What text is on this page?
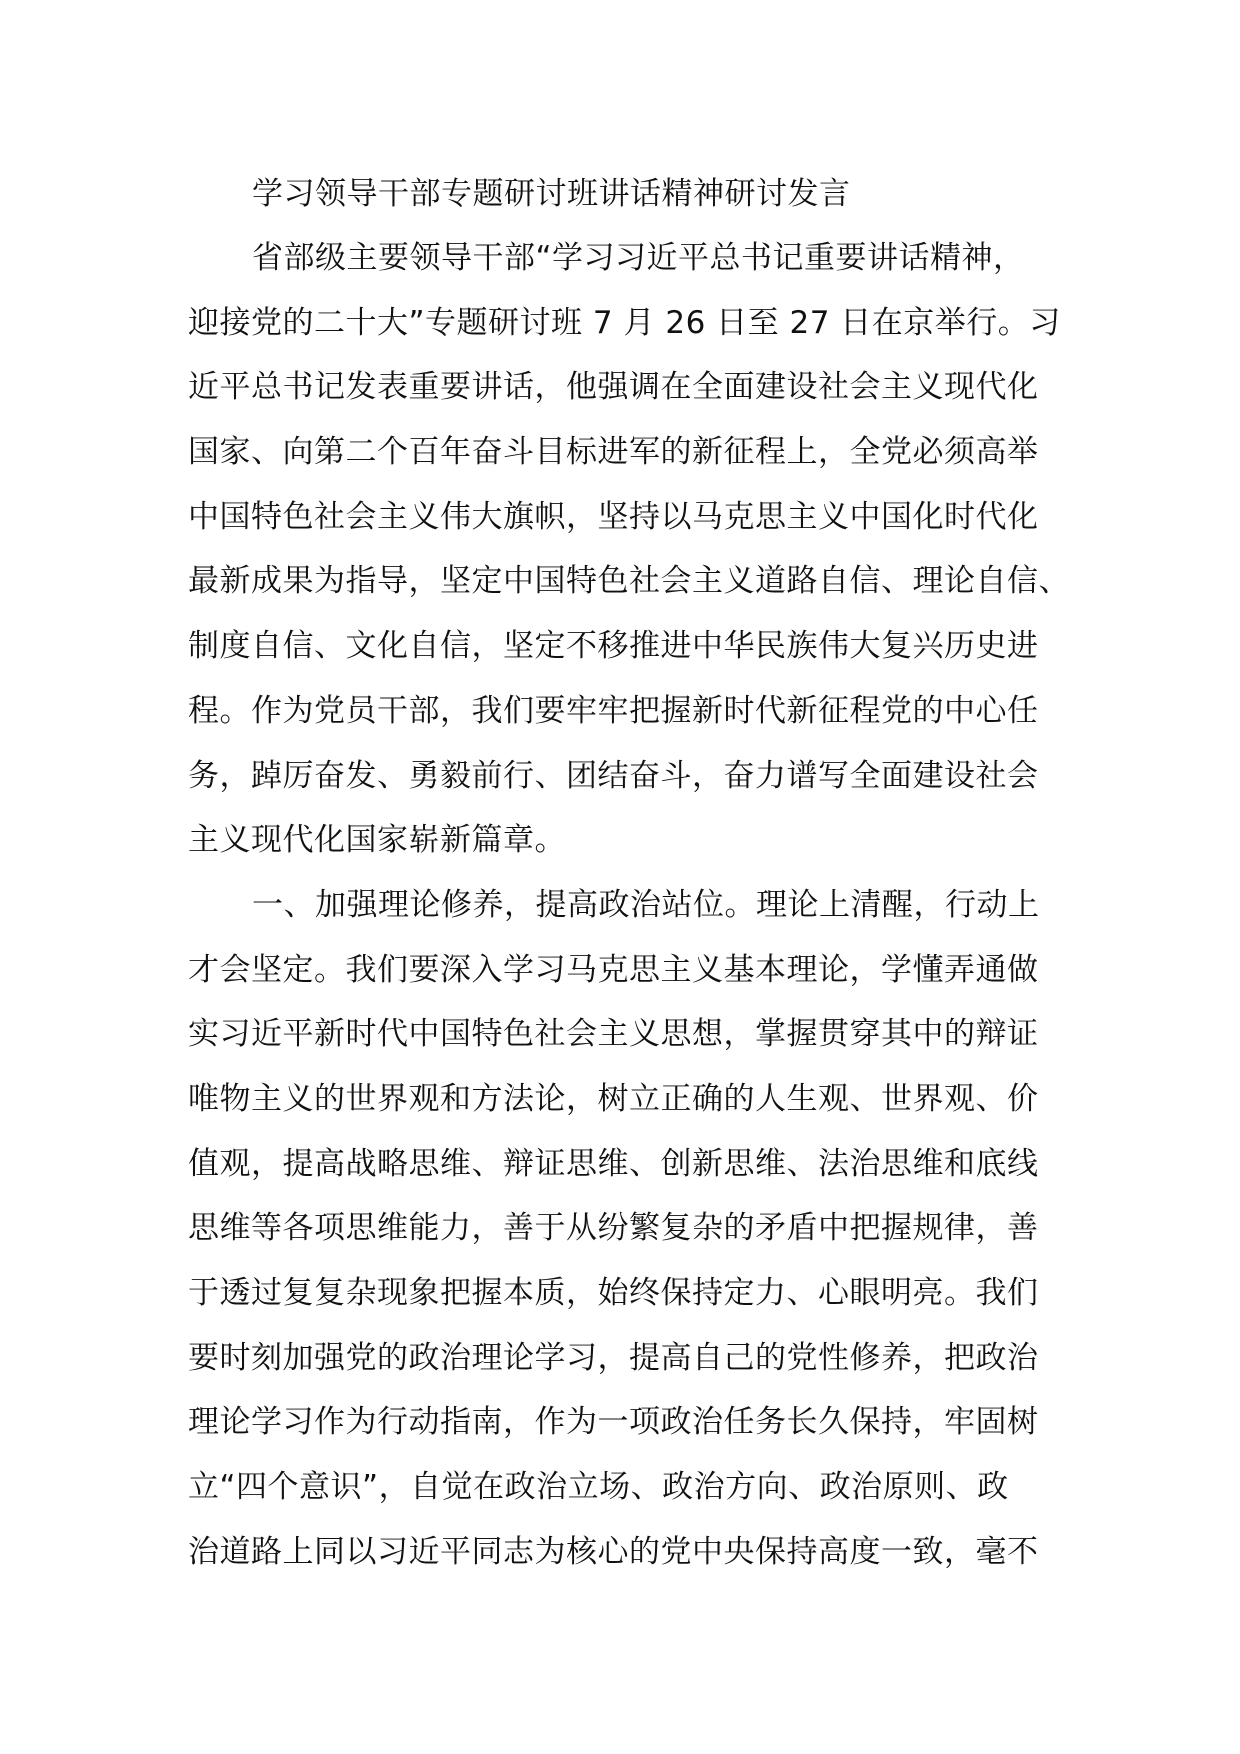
学习领导干部专题研讨班讲话精神研讨发言
省部级主要领导干部“学习习近平总书记重要讲话精神，
迎接党的二十大”专题研讨班 7 月 26 日至 27 日在京举行。习
近平总书记发表重要讲话，他强调在全面建设社会主义现代化
国家、向第二个百年奋斗目标进军的新征程上，全党必须高举
中国特色社会主义伟大旗帜，坚持以马克思主义中国化时代化
最新成果为指导，坚定中国特色社会主义道路自信、理论自信、
制度自信、文化自信，坚定不移推进中华民族伟大复兴历史进
程。作为党员干部，我们要牢牢把握新时代新征程党的中心任
务，踔厉奋发、勇毅前行、团结奋斗，奋力谱写全面建设社会
主义现代化国家崭新篇章。
一、加强理论修养，提高政治站位。理论上清醒，行动上
才会坚定。我们要深入学习马克思主义基本理论，学懂弄通做
实习近平新时代中国特色社会主义思想，掌握贯穿其中的辩证
唯物主义的世界观和方法论，树立正确的人生观、世界观、价
值观，提高战略思维、辩证思维、创新思维、法治思维和底线
思维等各项思维能力，善于从纷繁复杂的矛盾中把握规律，善
于透过复复杂现象把握本质，始终保持定力、心眼明亮。我们
要时刻加强党的政治理论学习，提高自己的党性修养，把政治
理论学习作为行动指南，作为一项政治任务长久保持，牢固树
立“四个意识”，自觉在政治立场、政治方向、政治原则、政
治道路上同以习近平同志为核心的党中央保持高度一致，毫不
